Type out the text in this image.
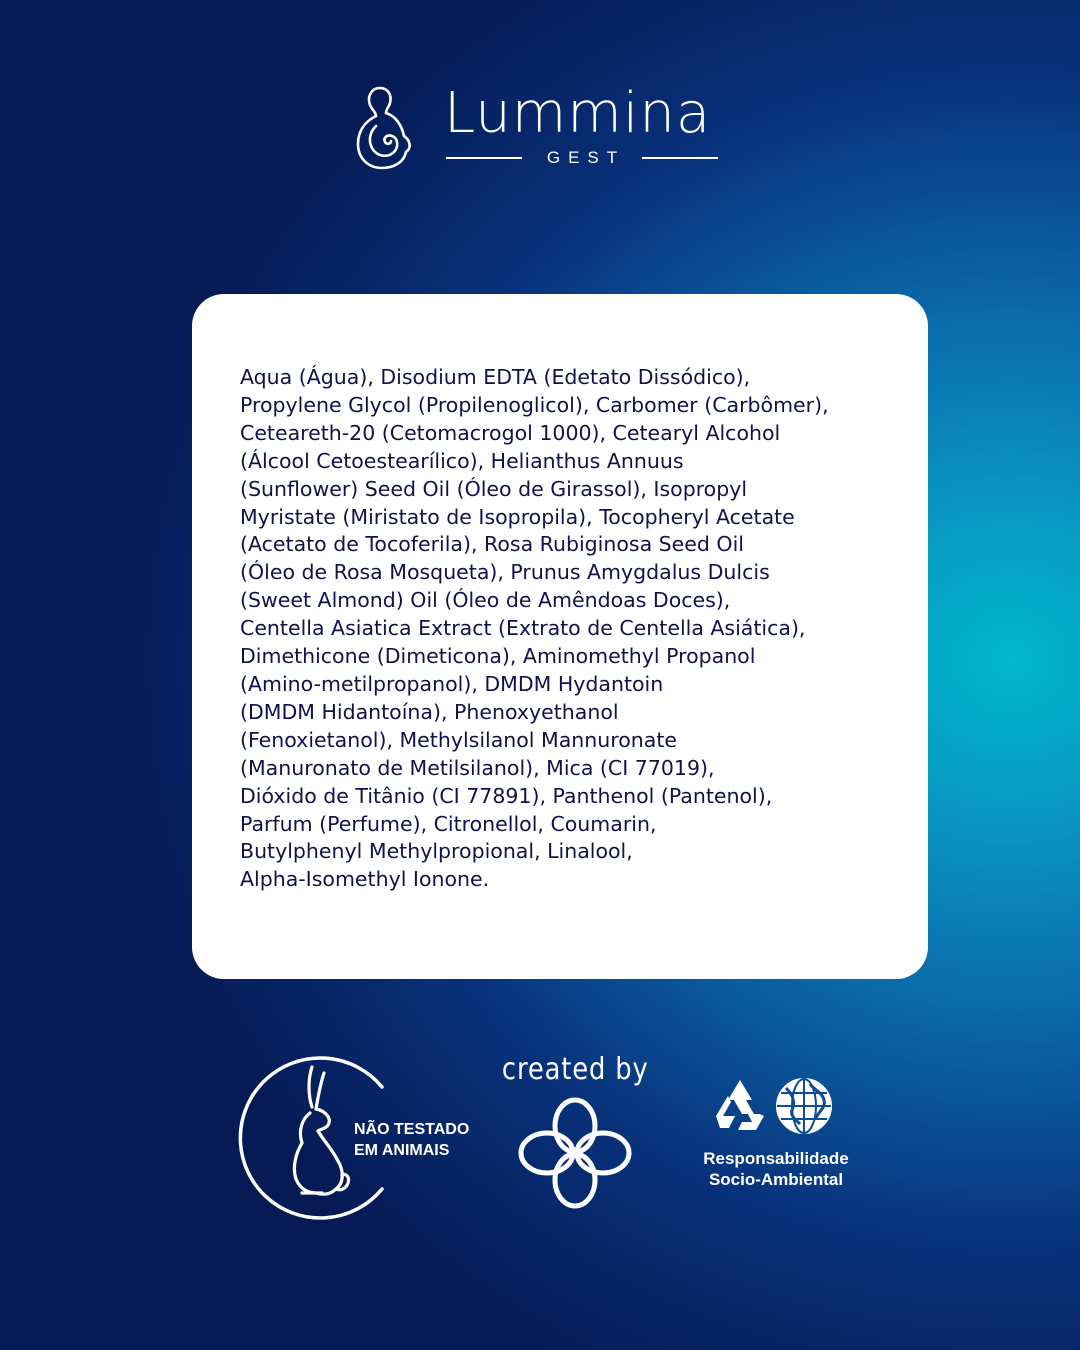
Lummina
GEST

Aqua (Água), Disodium EDTA (Edetato Dissódico),
Propylene Glycol (Propilenoglicol), Carbomer (Carbômer),
Ceteareth-20 (Cetomacrogol 1000), Cetearyl Alcohol
(Álcool Cetoestearílico), Helianthus Annuus
(Sunflower) Seed Oil (Óleo de Girassol), Isopropyl
Myristate (Miristato de Isopropila), Tocopheryl Acetate
(Acetato de Tocoferila), Rosa Rubiginosa Seed Oil
(Óleo de Rosa Mosqueta), Prunus Amygdalus Dulcis
(Sweet Almond) Oil (Óleo de Amêndoas Doces),
Centella Asiatica Extract (Extrato de Centella Asiática),
Dimethicone (Dimeticona), Aminomethyl Propanol
(Amino-metilpropanol), DMDM Hydantoin
(DMDM Hidantoína), Phenoxyethanol
(Fenoxietanol), Methylsilanol Mannuronate
(Manuronato de Metilsilanol), Mica (CI 77019),
Dióxido de Titânio (CI 77891), Panthenol (Pantenol),
Parfum (Perfume), Citronellol, Coumarin,
Butylphenyl Methylpropional, Linalool,
Alpha-Isomethyl Ionone.

NÃO TESTADO
EM ANIMAIS
created by
Responsabilidade
Socio-Ambiental
